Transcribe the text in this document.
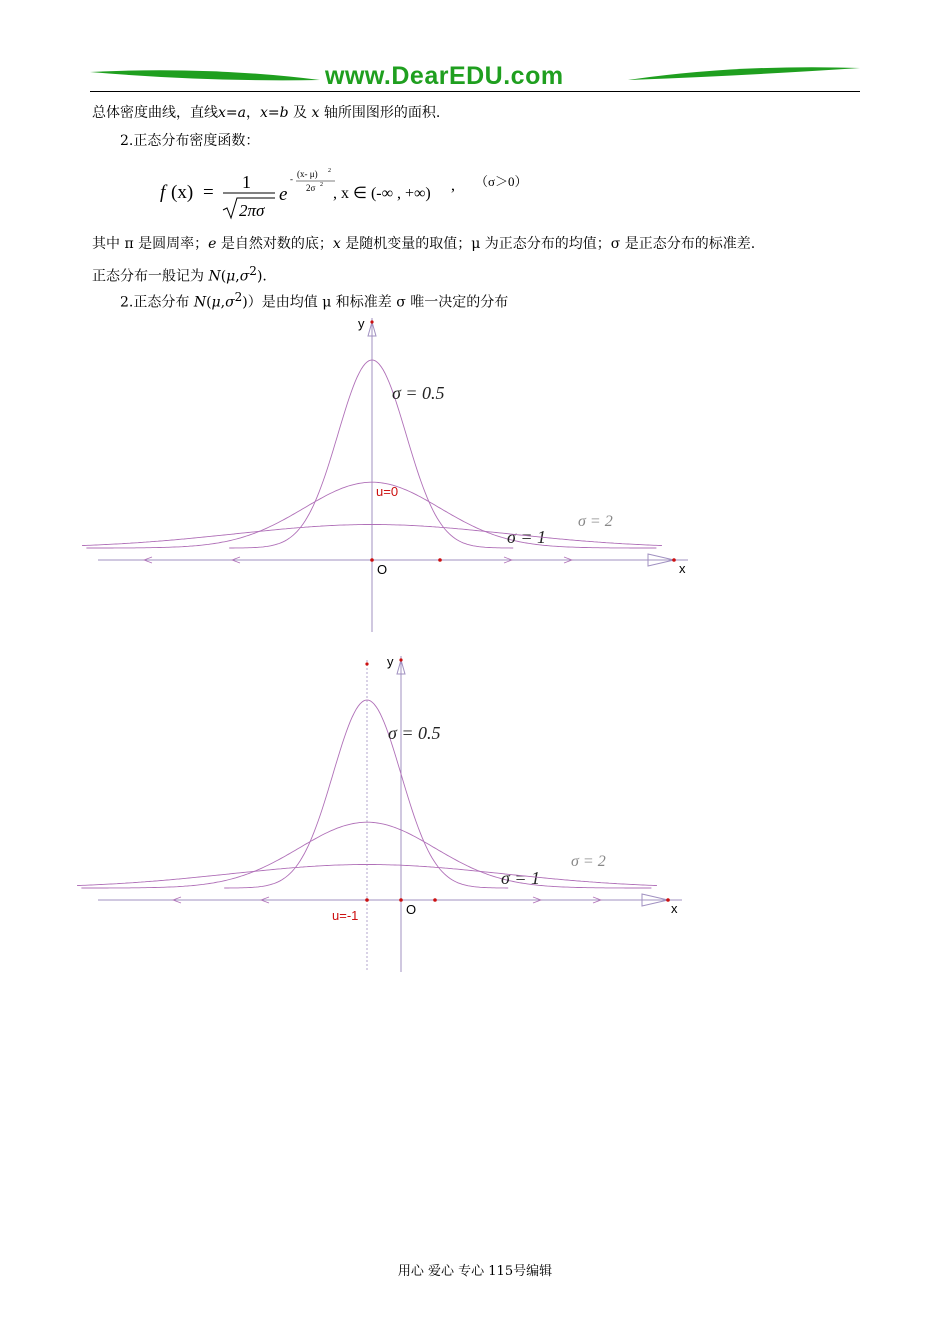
www.DearEDU.com
总体密度曲线，直线x=a，x=b 及 x 轴所围图形的面积.
2.正态分布密度函数：
f (x) = 1
2πσ
e
- (x- μ) 2
2σ 2 , x ∈ (-∞ , +∞) , （σ＞0）
其中 π 是圆周率；e 是自然对数的底；x 是随机变量的取值；μ 为正态分布的均值；σ 是正态分布的标准差.
正态分布一般记为 $N(\mu,\sigma^2)$.
2.正态分布 $N(\mu,\sigma^2)$）是由均值 μ 和标准差 σ 唯一决定的分布
σ = 0.5
σ = 1
σ = 2
O	x
y
u=0
σ = 0.5
σ = 1
σ = 2
O	x
y
u=-1
用心 爱心 专心 115号编辑
